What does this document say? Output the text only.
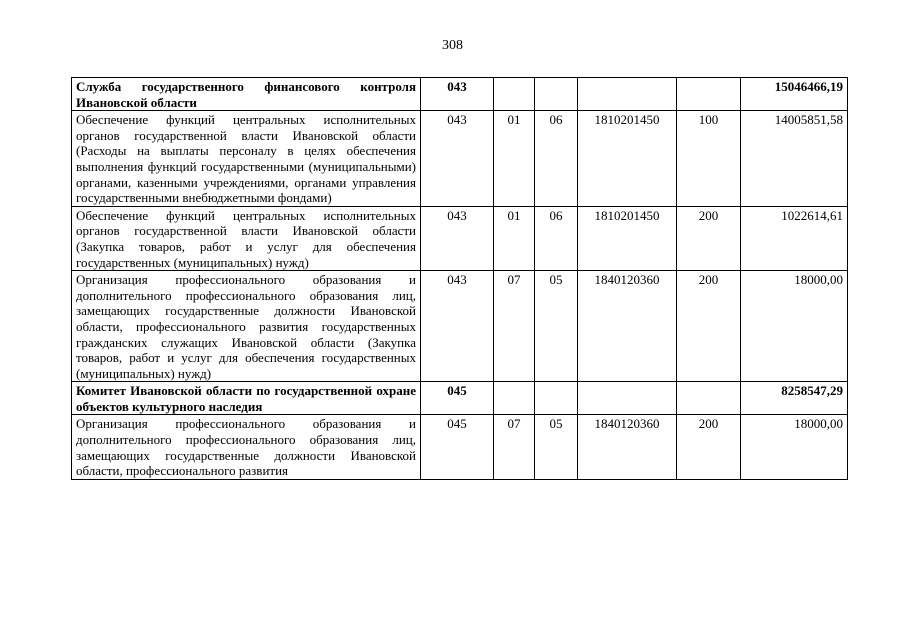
308
Служба государственного финансового контроля Ивановской области	043					15046466,19
Обеспечение функций центральных исполнительных органов государственной власти Ивановской области (Расходы на выплаты персоналу в целях обеспечения выполнения функций государственными (муниципальными) органами, казенными учреждениями, органами управления государственными внебюджетными фондами)	043	01	06	1810201450	100	14005851,58
Обеспечение функций центральных исполнительных органов государственной власти Ивановской области (Закупка товаров, работ и услуг для обеспечения государственных (муниципальных) нужд)	043	01	06	1810201450	200	1022614,61
Организация профессионального образования и дополнительного профессионального образования лиц, замещающих государственные должности Ивановской области, профессионального развития государственных гражданских служащих Ивановской области (Закупка товаров, работ и услуг для обеспечения государственных (муниципальных) нужд)	043	07	05	1840120360	200	18000,00
Комитет Ивановской области по государственной охране объектов культурного наследия	045					8258547,29
Организация профессионального образования и дополнительного профессионального образования лиц, замещающих государственные должности Ивановской области, профессионального развития	045	07	05	1840120360	200	18000,00
